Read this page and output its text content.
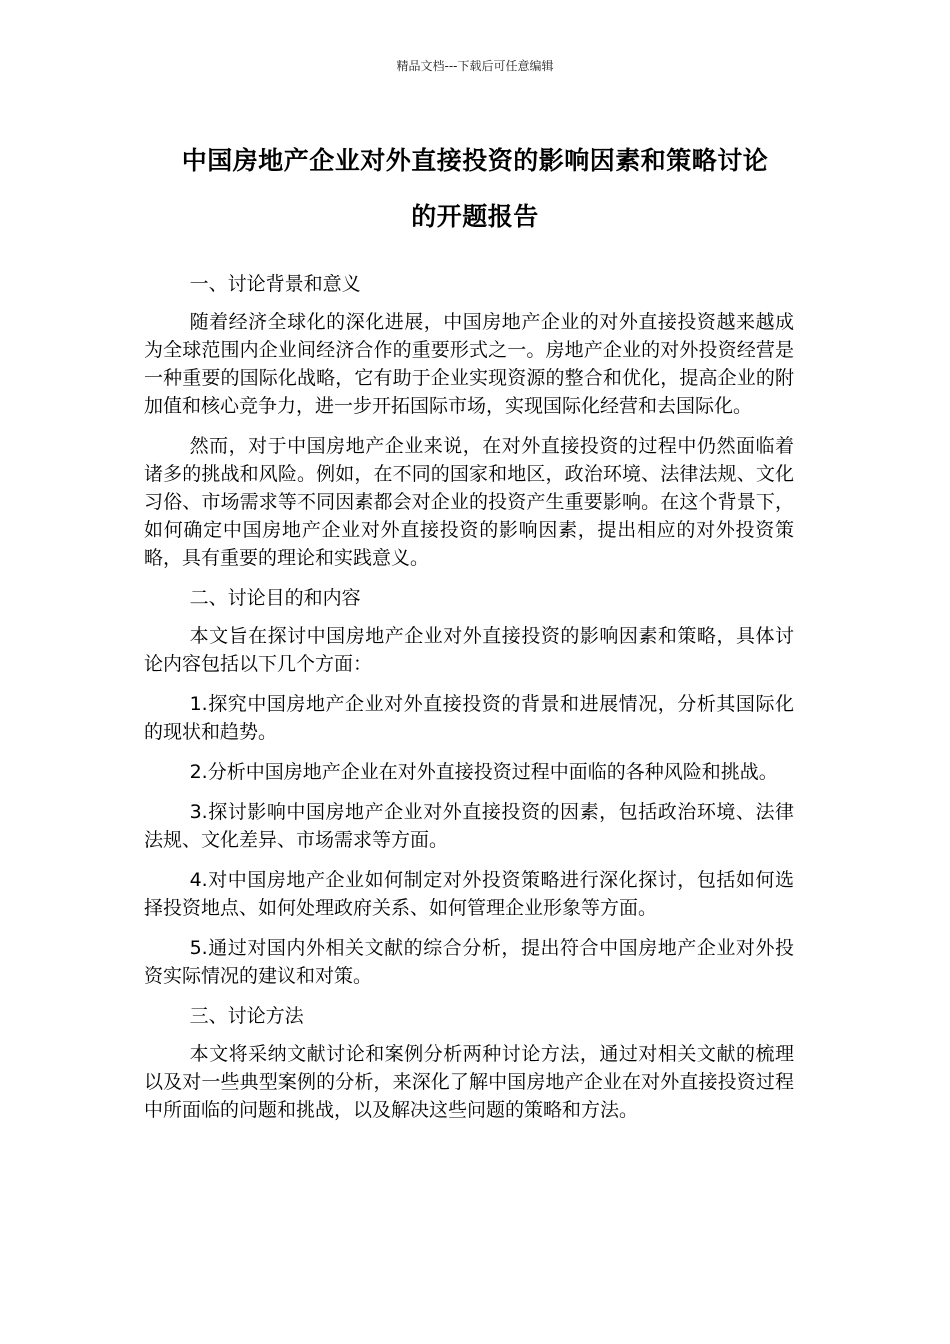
精品文档---下载后可任意编辑
中国房地产企业对外直接投资的影响因素和策略讨论
的开题报告

一、讨论背景和意义

随着经济全球化的深化进展，中国房地产企业的对外直接投资越来越成为全球范围内企业间经济合作的重要形式之一。房地产企业的对外投资经营是一种重要的国际化战略，它有助于企业实现资源的整合和优化，提高企业的附加值和核心竞争力，进一步开拓国际市场，实现国际化经营和去国际化。

然而，对于中国房地产企业来说，在对外直接投资的过程中仍然面临着诸多的挑战和风险。例如，在不同的国家和地区，政治环境、法律法规、文化习俗、市场需求等不同因素都会对企业的投资产生重要影响。在这个背景下，如何确定中国房地产企业对外直接投资的影响因素，提出相应的对外投资策略，具有重要的理论和实践意义。

二、讨论目的和内容

本文旨在探讨中国房地产企业对外直接投资的影响因素和策略，具体讨论内容包括以下几个方面：

1.探究中国房地产企业对外直接投资的背景和进展情况，分析其国际化的现状和趋势。

2.分析中国房地产企业在对外直接投资过程中面临的各种风险和挑战。

3.探讨影响中国房地产企业对外直接投资的因素，包括政治环境、法律法规、文化差异、市场需求等方面。

4.对中国房地产企业如何制定对外投资策略进行深化探讨，包括如何选择投资地点、如何处理政府关系、如何管理企业形象等方面。

5.通过对国内外相关文献的综合分析，提出符合中国房地产企业对外投资实际情况的建议和对策。

三、讨论方法

本文将采纳文献讨论和案例分析两种讨论方法，通过对相关文献的梳理以及对一些典型案例的分析，来深化了解中国房地产企业在对外直接投资过程中所面临的问题和挑战，以及解决这些问题的策略和方法。
